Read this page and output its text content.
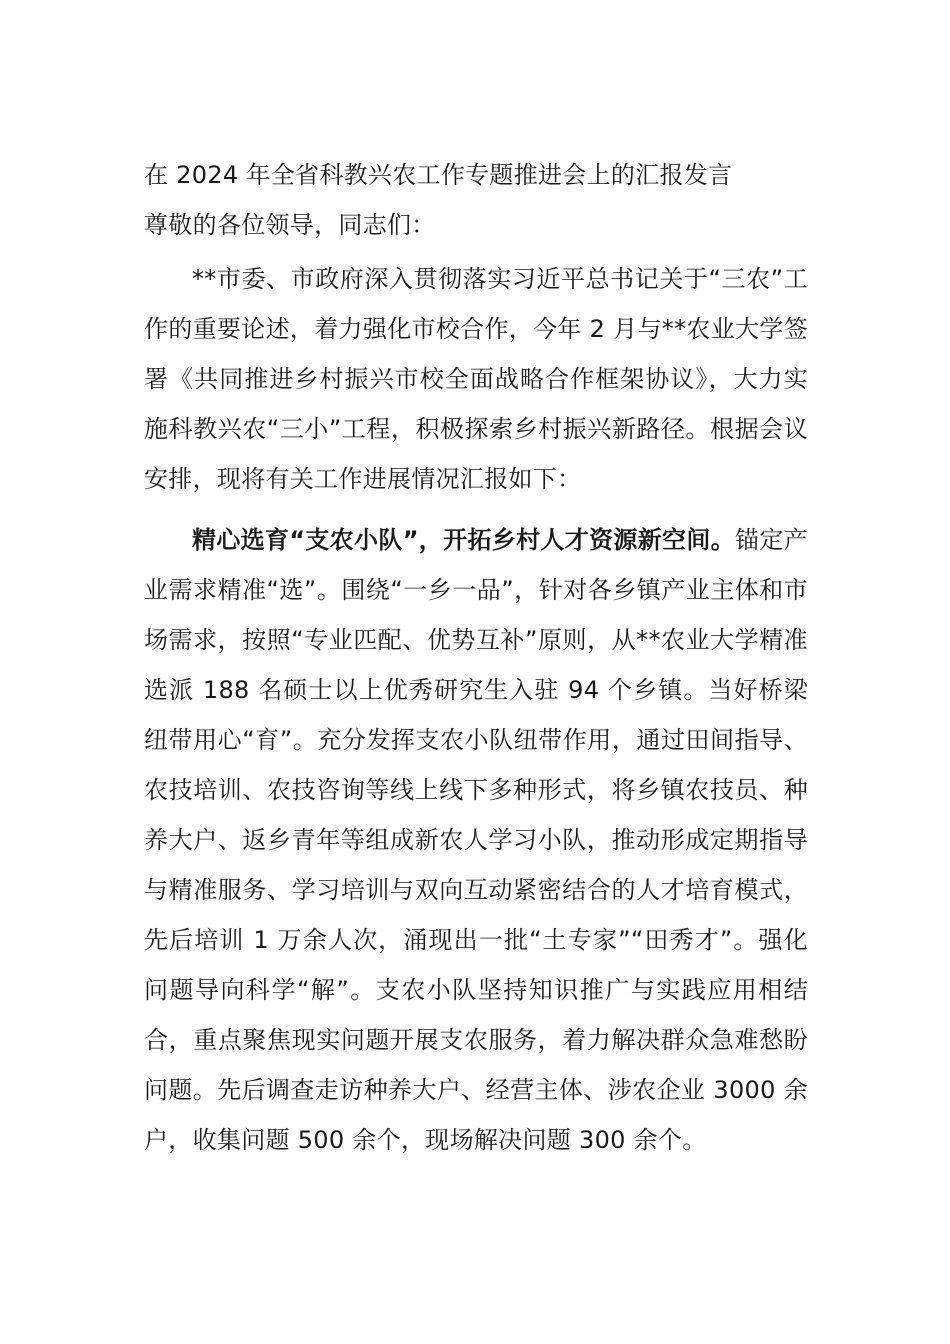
在 2024 年全省科教兴农工作专题推进会上的汇报发言

尊敬的各位领导，同志们：

**市委、市政府深入贯彻落实习近平总书记关于“三农”工作的重要论述，着力强化市校合作，今年 2 月与**农业大学签署《共同推进乡村振兴市校全面战略合作框架协议》，大力实施科教兴农“三小”工程，积极探索乡村振兴新路径。根据会议安排，现将有关工作进展情况汇报如下：

精心选育“支农小队”，开拓乡村人才资源新空间。锚定产业需求精准“选”。围绕“一乡一品”，针对各乡镇产业主体和市场需求，按照“专业匹配、优势互补”原则，从**农业大学精准选派 188 名硕士以上优秀研究生入驻 94 个乡镇。当好桥梁纽带用心“育”。充分发挥支农小队纽带作用，通过田间指导、农技培训、农技咨询等线上线下多种形式，将乡镇农技员、种养大户、返乡青年等组成新农人学习小队，推动形成定期指导与精准服务、学习培训与双向互动紧密结合的人才培育模式，先后培训 1 万余人次，涌现出一批“土专家”“田秀才”。强化问题导向科学“解”。支农小队坚持知识推广与实践应用相结合，重点聚焦现实问题开展支农服务，着力解决群众急难愁盼问题。先后调查走访种养大户、经营主体、涉农企业 3000 余户，收集问题 500 余个，现场解决问题 300 余个。
